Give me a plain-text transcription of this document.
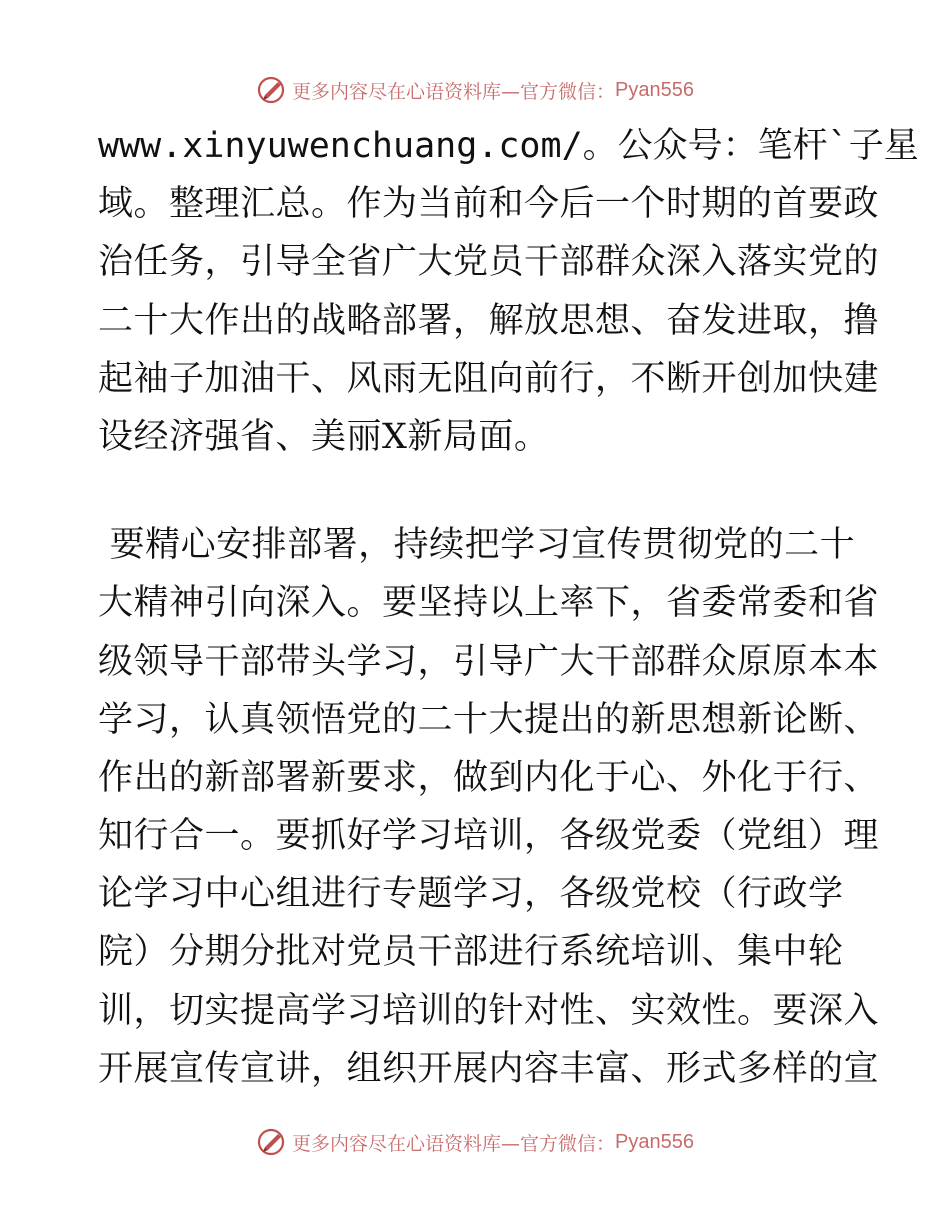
更多内容尽在心语资料库—官方微信： Pyan556
www.xinyuwenchuang.com/。公众号：笔杆`子星
域。整理汇总。作为当前和今后一个时期的首要政
治任务，引导全省广大党员干部群众深入落实党的
二十大作出的战略部署，解放思想、奋发进取，撸
起袖子加油干、风雨无阻向前行，不断开创加快建
设经济强省、美丽X新局面。
要精心安排部署，持续把学习宣传贯彻党的二十
大精神引向深入。要坚持以上率下，省委常委和省
级领导干部带头学习，引导广大干部群众原原本本
学习，认真领悟党的二十大提出的新思想新论断、
作出的新部署新要求，做到内化于心、外化于行、
知行合一。要抓好学习培训，各级党委（党组）理
论学习中心组进行专题学习，各级党校（行政学
院）分期分批对党员干部进行系统培训、集中轮
训，切实提高学习培训的针对性、实效性。要深入
开展宣传宣讲，组织开展内容丰富、形式多样的宣
更多内容尽在心语资料库—官方微信： Pyan556
